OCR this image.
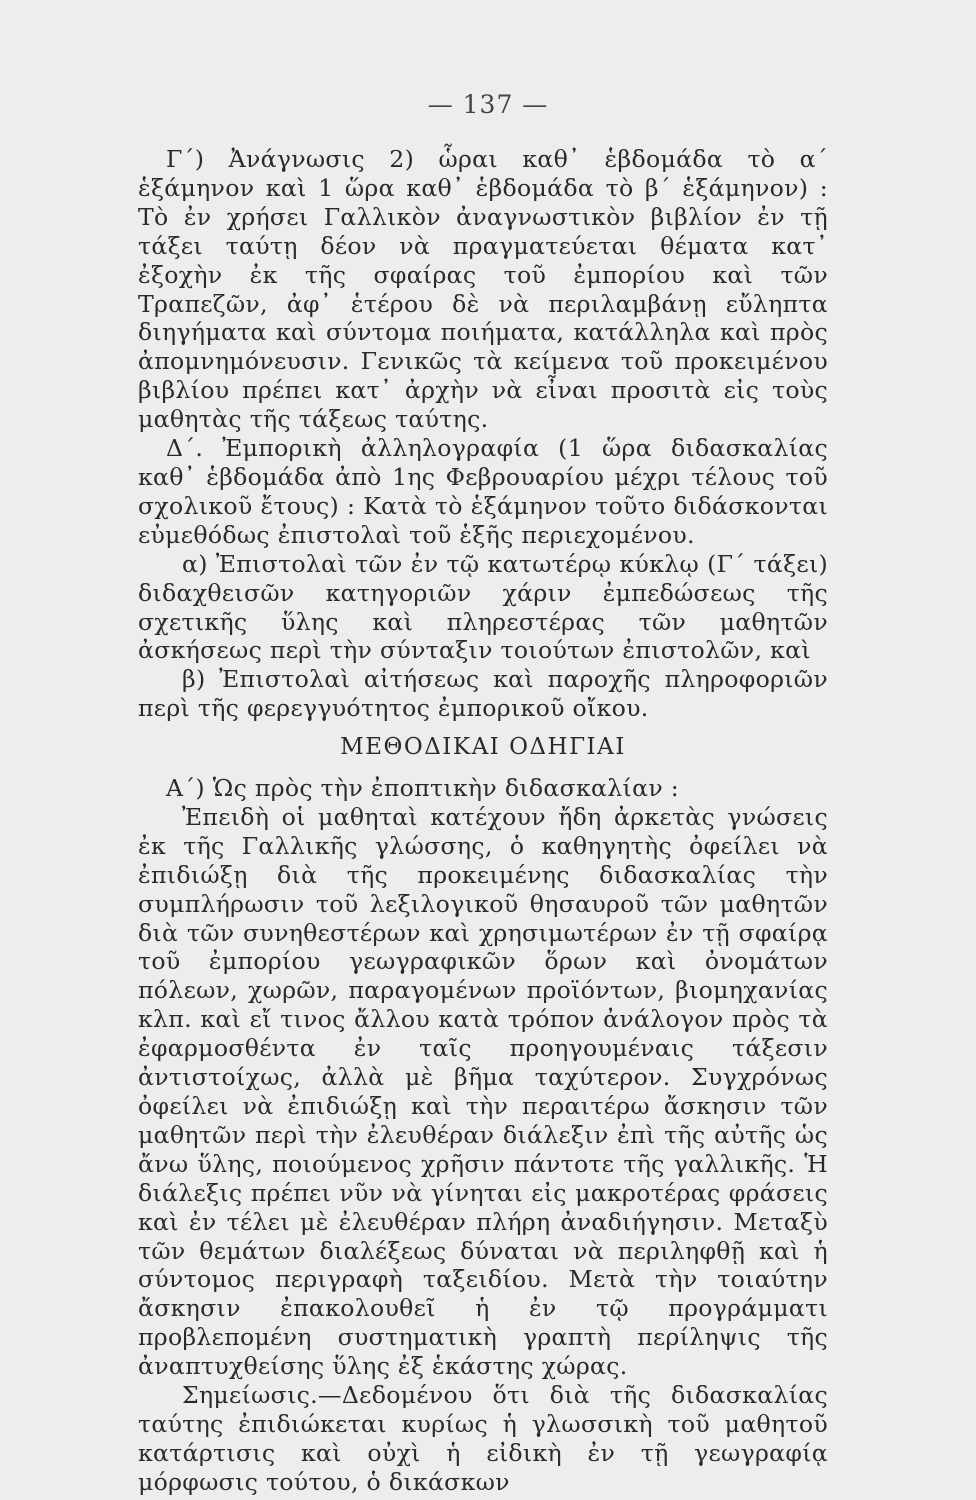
— 137 —

Γ΄) Ἀνάγνωσις 2) ὧραι καθ᾽ ἑβδομάδα τὸ α΄ ἑξάμηνον καὶ 1 ὥρα καθ᾽ ἑβδομάδα τὸ β΄ ἑξάμηνον) : Τὸ ἐν χρήσει Γαλλικὸν ἀναγνωστικὸν βιβλίον ἐν τῇ τάξει ταύτῃ δέον νὰ πραγματεύεται θέματα κατ᾽ ἐξοχὴν ἐκ τῆς σφαίρας τοῦ ἐμπορίου καὶ τῶν Τραπεζῶν, ἀφ᾽ ἑτέρου δὲ νὰ περιλαμβάνῃ εὔληπτα διηγήματα καὶ σύντομα ποιήματα, κατάλληλα καὶ πρὸς ἀπομνημόνευσιν. Γενικῶς τὰ κείμενα τοῦ προκειμένου βιβλίου πρέπει κατ᾽ ἀρχὴν νὰ εἶναι προσιτὰ εἰς τοὺς μαθητὰς τῆς τάξεως ταύτης.

Δ΄. Ἐμπορικὴ ἀλληλογραφία (1 ὥρα διδασκαλίας καθ᾽ ἑβδομάδα ἀπὸ 1ης Φεβρουαρίου μέχρι τέλους τοῦ σχολικοῦ ἔτους) : Κατὰ τὸ ἑξάμηνον τοῦτο διδάσκονται εὐμεθόδως ἐπιστολαὶ τοῦ ἑξῆς περιεχομένου.

α) Ἐπιστολαὶ τῶν ἐν τῷ κατωτέρῳ κύκλῳ (Γ΄ τάξει) διδαχθεισῶν κατηγοριῶν χάριν ἐμπεδώσεως τῆς σχετικῆς ὕλης καὶ πληρεστέρας τῶν μαθητῶν ἀσκήσεως περὶ τὴν σύνταξιν τοιούτων ἐπιστολῶν, καὶ

β) Ἐπιστολαὶ αἰτήσεως καὶ παροχῆς πληροφοριῶν περὶ τῆς φερεγγυότητος ἐμπορικοῦ οἴκου.

ΜΕΘΟΔΙΚΑΙ ΟΔΗΓΙΑΙ

Α΄) Ὡς πρὸς τὴν ἐποπτικὴν διδασκαλίαν :

Ἐπειδὴ οἱ μαθηταὶ κατέχουν ἤδη ἀρκετὰς γνώσεις ἐκ τῆς Γαλλικῆς γλώσσης, ὁ καθηγητὴς ὀφείλει νὰ ἐπιδιώξῃ διὰ τῆς προκειμένης διδασκαλίας τὴν συμπλήρωσιν τοῦ λεξιλογικοῦ θησαυροῦ τῶν μαθητῶν διὰ τῶν συνηθεστέρων καὶ χρησιμωτέρων ἐν τῇ σφαίρᾳ τοῦ ἐμπορίου γεωγραφικῶν ὅρων καὶ ὀνομάτων πόλεων, χωρῶν, παραγομένων προϊόντων, βιομηχανίας κλπ. καὶ εἴ τινος ἄλλου κατὰ τρόπον ἀνάλογον πρὸς τὰ ἐφαρμοσθέντα ἐν ταῖς προηγουμέναις τάξεσιν ἀντιστοίχως, ἀλλὰ μὲ βῆμα ταχύτερον. Συγχρόνως ὀφείλει νὰ ἐπιδιώξῃ καὶ τὴν περαιτέρω ἄσκησιν τῶν μαθητῶν περὶ τὴν ἐλευθέραν διάλεξιν ἐπὶ τῆς αὐτῆς ὡς ἄνω ὕλης, ποιούμενος χρῆσιν πάντοτε τῆς γαλλικῆς. Ἡ διάλεξις πρέπει νῦν νὰ γίνηται εἰς μακροτέρας φράσεις καὶ ἐν τέλει μὲ ἐλευθέραν πλήρη ἀναδιήγησιν. Μεταξὺ τῶν θεμάτων διαλέξεως δύναται νὰ περιληφθῇ καὶ ἡ σύντομος περιγραφὴ ταξειδίου. Μετὰ τὴν τοιαύτην ἄσκησιν ἐπακολουθεῖ ἡ ἐν τῷ προγράμματι προβλεπομένη συστηματικὴ γραπτὴ περίληψις τῆς ἀναπτυχθείσης ὕλης ἐξ ἑκάστης χώρας.

Σημείωσις.—Δεδομένου ὅτι διὰ τῆς διδασκαλίας ταύτης ἐπιδιώκεται κυρίως ἡ γλωσσικὴ τοῦ μαθητοῦ κατάρτισις καὶ οὐχὶ ἡ εἰδικὴ ἐν τῇ γεωγραφίᾳ μόρφωσις τούτου, ὁ δικάσκων
